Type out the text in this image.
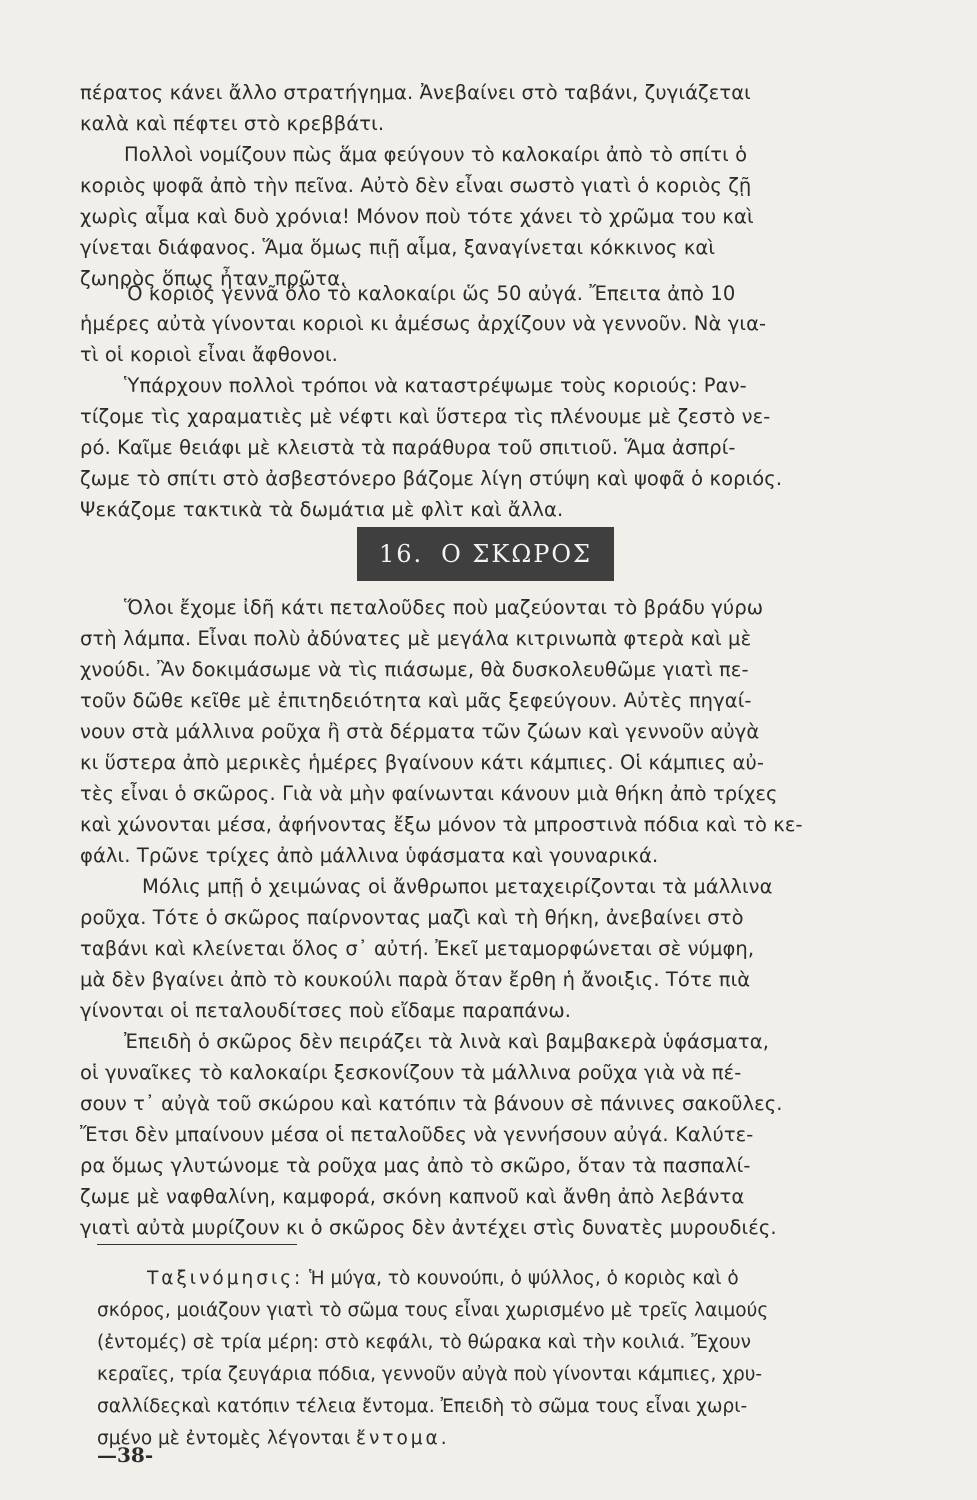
πέρατος κάνει ἄλλο στρατήγημα. Ἀνεβαίνει στὸ ταβάνι, ζυγιάζεται
καλὰ καὶ πέφτει στὸ κρεββάτι.
Πολλοὶ νομίζουν πὼς ἅμα φεύγουν τὸ καλοκαίρι ἀπὸ τὸ σπίτι ὁ
κοριὸς ψοφᾶ ἀπὸ τὴν πεῖνα. Αὐτὸ δὲν εἶναι σωστὸ γιατὶ ὁ κοριὸς ζῇ
χωρὶς αἷμα καὶ δυὸ χρόνια! Μόνον ποὺ τότε χάνει τὸ χρῶμα του καὶ
γίνεται διάφανος. Ἅμα ὅμως πιῇ αἷμα, ξαναγίνεται κόκκινος καὶ
ζωηρὸς ὅπως ἦταν πρῶτα.
Ὁ κοριὸς γεννᾶ ὅλο τὸ καλοκαίρι ὥς 50 αὐγά. Ἔπειτα ἀπὸ 10
ἡμέρες αὐτὰ γίνονται κοριοὶ κι ἀμέσως ἀρχίζουν νὰ γεννοῦν. Νὰ για-
τὶ οἱ κοριοὶ εἶναι ἄφθονοι.
Ὑπάρχουν πολλοὶ τρόποι νὰ καταστρέψωμε τοὺς κοριούς: Ραν-
τίζομε τὶς χαραματιὲς μὲ νέφτι καὶ ὕστερα τὶς πλένουμε μὲ ζεστὸ νε-
ρό. Καῖμε θειάφι μὲ κλειστὰ τὰ παράθυρα τοῦ σπιτιοῦ. Ἅμα ἀσπρί-
ζωμε τὸ σπίτι στὸ ἀσβεστόνερο βάζομε λίγη στύψη καὶ ψοφᾶ ὁ κοριός.
Ψεκάζομε τακτικὰ τὰ δωμάτια μὲ φλὶτ καὶ ἄλλα.
16. Ο ΣΚΩΡΟΣ
Ὅλοι ἔχομε ἰδῆ κάτι πεταλοῦδες ποὺ μαζεύονται τὸ βράδυ γύρω
στὴ λάμπα. Εἶναι πολὺ ἀδύνατες μὲ μεγάλα κιτρινωπὰ φτερὰ καὶ μὲ
χνούδι. Ἂν δοκιμάσωμε νὰ τὶς πιάσωμε, θὰ δυσκολευθῶμε γιατὶ πε-
τοῦν δῶθε κεῖθε μὲ ἐπιτηδειότητα καὶ μᾶς ξεφεύγουν. Αὐτὲς πηγαί-
νουν στὰ μάλλινα ροῦχα ἢ στὰ δέρματα τῶν ζώων καὶ γεννοῦν αὐγὰ
κι ὕστερα ἀπὸ μερικὲς ἡμέρες βγαίνουν κάτι κάμπιες. Οἱ κάμπιες αὐ-
τὲς εἶναι ὁ σκῶρος. Γιὰ νὰ μὴν φαίνωνται κάνουν μιὰ θήκη ἀπὸ τρίχες
καὶ χώνονται μέσα, ἀφήνοντας ἔξω μόνον τὰ μπροστινὰ πόδια καὶ τὸ κε-
φάλι. Τρῶνε τρίχες ἀπὸ μάλλινα ὑφάσματα καὶ γουναρικά.
Μόλις μπῇ ὁ χειμώνας οἱ ἄνθρωποι μεταχειρίζονται τὰ μάλλινα
ροῦχα. Τότε ὁ σκῶρος παίρνοντας μαζὶ καὶ τὴ θήκη, ἀνεβαίνει στὸ
ταβάνι καὶ κλείνεται ὅλος σ᾽ αὐτή. Ἐκεῖ μεταμορφώνεται σὲ νύμφη,
μὰ δὲν βγαίνει ἀπὸ τὸ κουκούλι παρὰ ὅταν ἔρθη ἡ ἄνοιξις. Τότε πιὰ
γίνονται οἱ πεταλουδίτσες ποὺ εἴδαμε παραπάνω.
Ἐπειδὴ ὁ σκῶρος δὲν πειράζει τὰ λινὰ καὶ βαμβακερὰ ὑφάσματα,
οἱ γυναῖκες τὸ καλοκαίρι ξεσκονίζουν τὰ μάλλινα ροῦχα γιὰ νὰ πέ-
σουν τ᾽ αὐγὰ τοῦ σκώρου καὶ κατόπιν τὰ βάνουν σὲ πάνινες σακοῦλες.
Ἔτσι δὲν μπαίνουν μέσα οἱ πεταλοῦδες νὰ γεννήσουν αὐγά. Καλύτε-
ρα ὅμως γλυτώνομε τὰ ροῦχα μας ἀπὸ τὸ σκῶρο, ὅταν τὰ πασπαλί-
ζωμε μὲ ναφθαλίνη, καμφορά, σκόνη καπνοῦ καὶ ἄνθη ἀπὸ λεβάντα
γιατὶ αὐτὰ μυρίζουν κι ὁ σκῶρος δὲν ἀντέχει στὶς δυνατὲς μυρουδιές.
Ταξινόμησις: Ἡ μύγα, τὸ κουνούπι, ὁ ψύλλος, ὁ κοριὸς καὶ ὁ
σκόρος, μοιάζουν γιατὶ τὸ σῶμα τους εἶναι χωρισμένο μὲ τρεῖς λαιμούς
(ἐντομές) σὲ τρία μέρη: στὸ κεφάλι, τὸ θώρακα καὶ τὴν κοιλιά. Ἔχουν
κεραῖες, τρία ζευγάρια πόδια, γεννοῦν αὐγὰ ποὺ γίνονται κάμπιες, χρυ-
σαλλίδεςκαὶ κατόπιν τέλεια ἔντομα. Ἐπειδὴ τὸ σῶμα τους εἶναι χωρι-
σμένο μὲ ἐντομὲς λέγονται ἔντομα.
—38-
